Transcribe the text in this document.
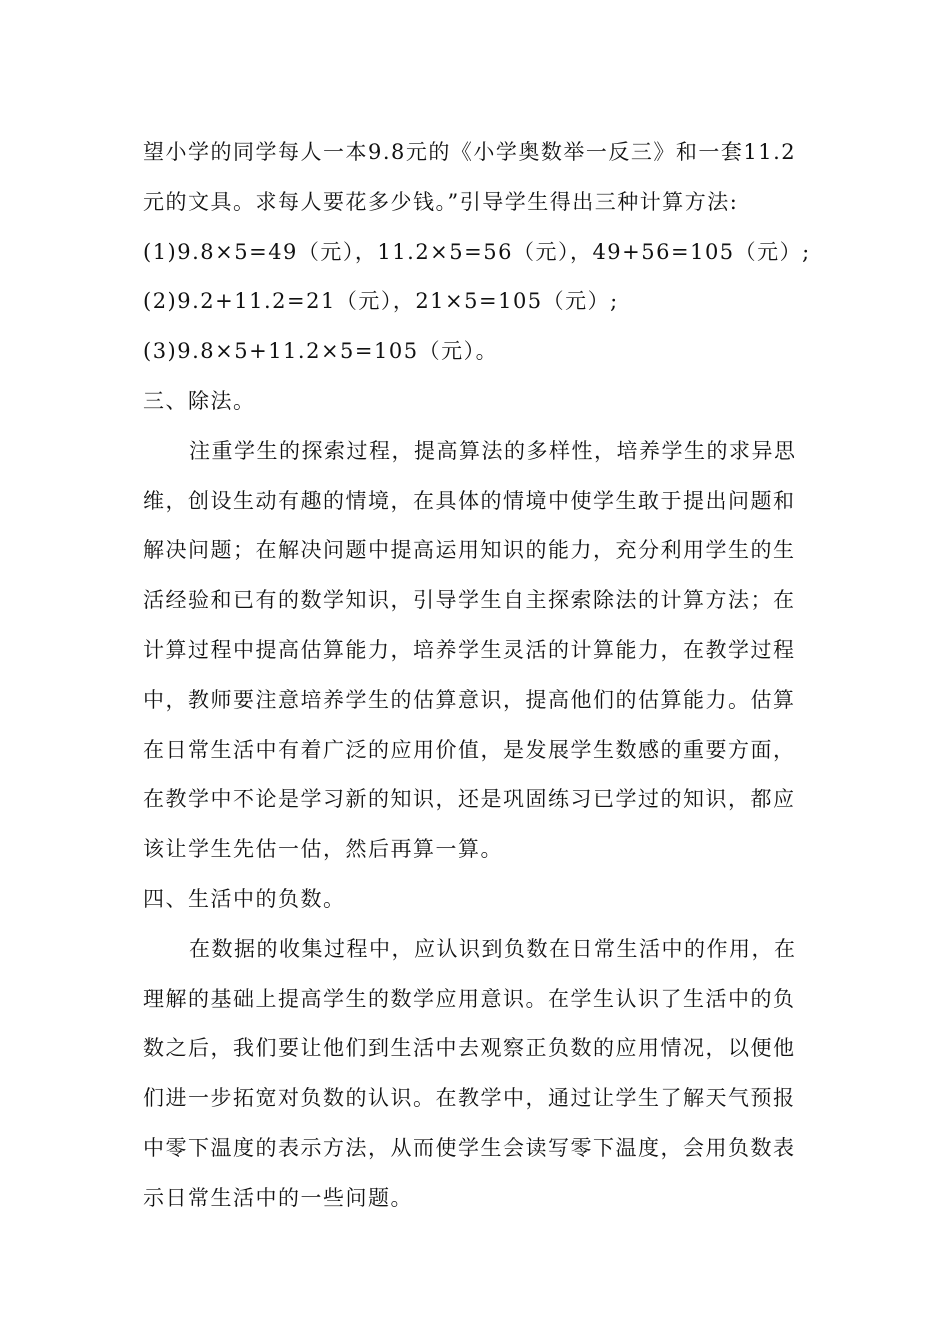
望小学的同学每人一本9.8元的《小学奥数举一反三》和一套11.2
元的文具。求每人要花多少钱。”引导学生得出三种计算方法:
(1)9.8×5=49（元），11.2×5=56（元），49+56=105（元）;
(2)9.2+11.2=21（元），21×5=105（元）;
(3)9.8×5+11.2×5=105（元）。
三、除法。
注重学生的探索过程，提高算法的多样性，培养学生的求异思
维，创设生动有趣的情境，在具体的情境中使学生敢于提出问题和
解决问题；在解决问题中提高运用知识的能力，充分利用学生的生
活经验和已有的数学知识，引导学生自主探索除法的计算方法；在
计算过程中提高估算能力，培养学生灵活的计算能力，在教学过程
中，教师要注意培养学生的估算意识，提高他们的估算能力。估算
在日常生活中有着广泛的应用价值，是发展学生数感的重要方面，
在教学中不论是学习新的知识，还是巩固练习已学过的知识，都应
该让学生先估一估，然后再算一算。
四、生活中的负数。
在数据的收集过程中，应认识到负数在日常生活中的作用，在
理解的基础上提高学生的数学应用意识。在学生认识了生活中的负
数之后，我们要让他们到生活中去观察正负数的应用情况，以便他
们进一步拓宽对负数的认识。在教学中，通过让学生了解天气预报
中零下温度的表示方法，从而使学生会读写零下温度，会用负数表
示日常生活中的一些问题。
